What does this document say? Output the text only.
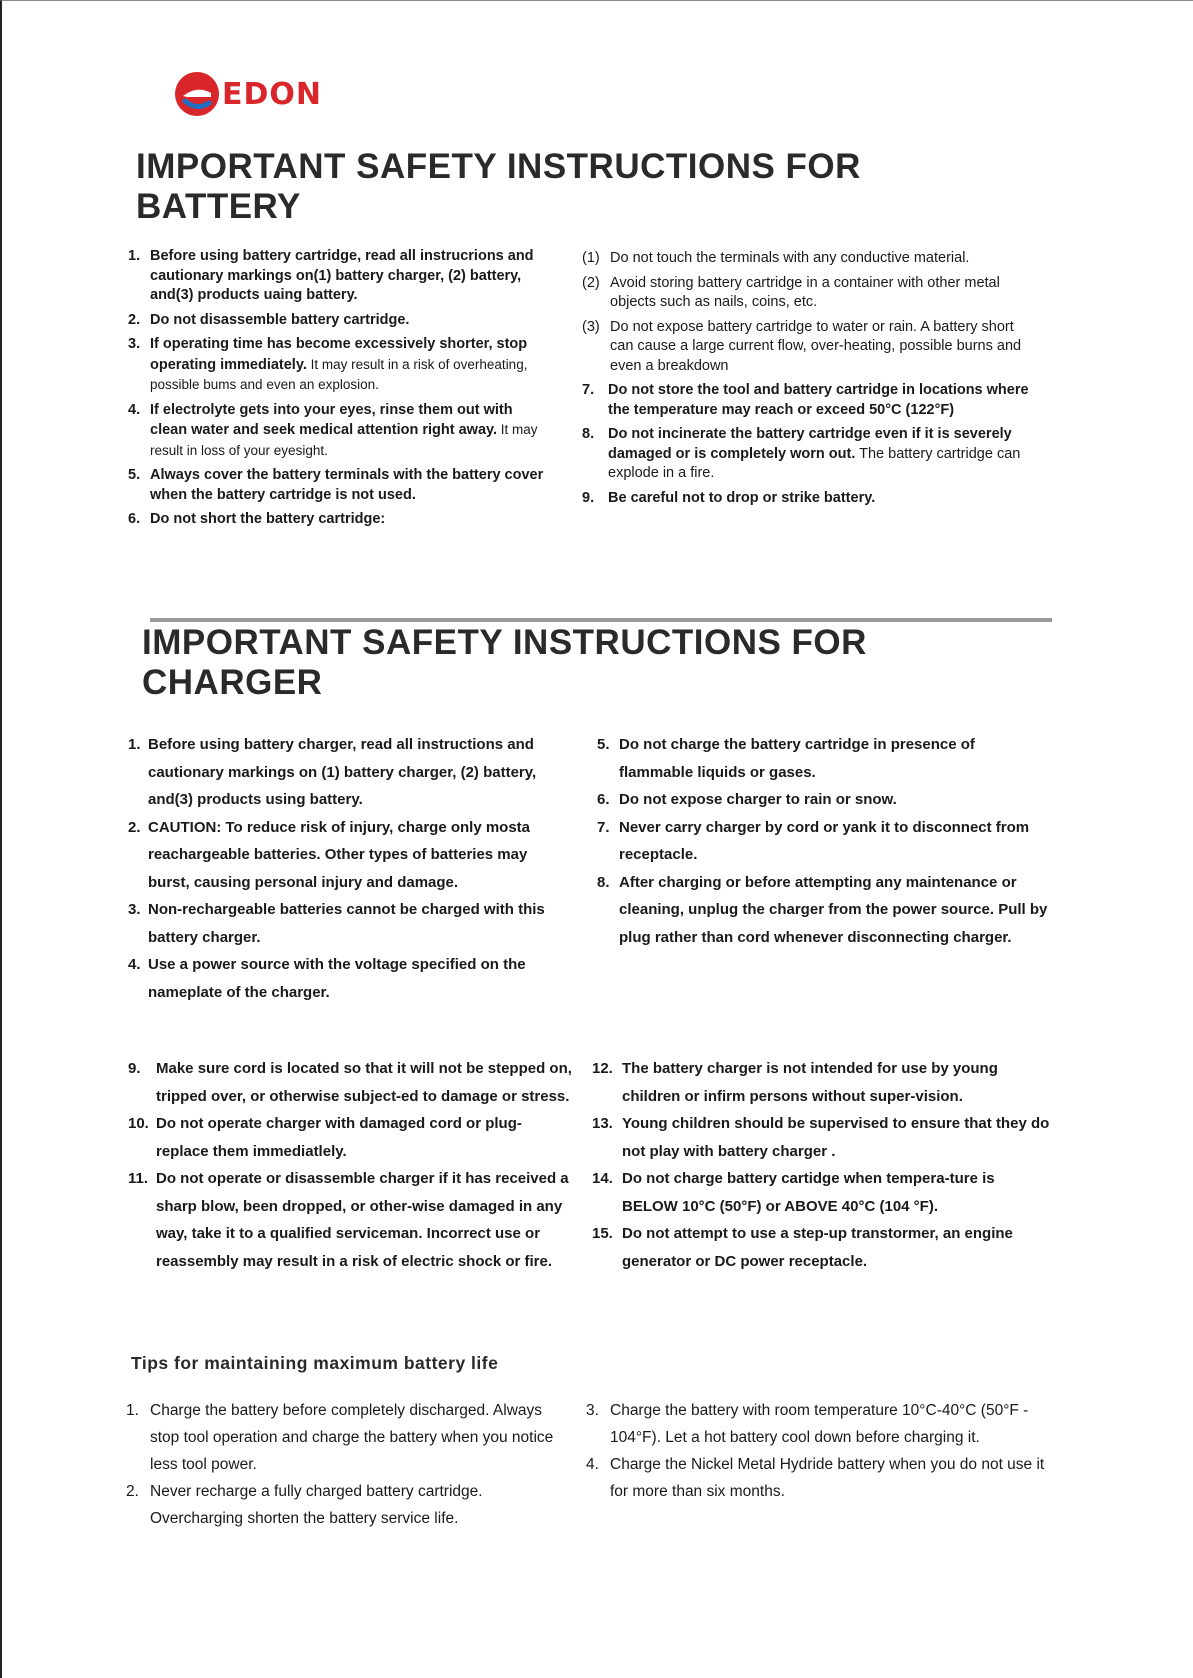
EDON
IMPORTANT SAFETY INSTRUCTIONS FOR
BATTERY
1. Before using battery cartridge, read all instrucrions and cautionary markings on(1) battery charger, (2) battery, and(3) products uaing battery.
2. Do not disassemble battery cartridge.
3. If operating time has become excessively shorter, stop operating immediately. It may result in a risk of overheating, possible bums and even an explosion.
4. If electrolyte gets into your eyes, rinse them out with clean water and seek medical attention right away. It may result in loss of your eyesight.
5. Always cover the battery terminals with the battery cover when the battery cartridge is not used.
6. Do not short the battery cartridge:
(1) Do not touch the terminals with any conductive material.
(2) Avoid storing battery cartridge in a container with other metal objects such as nails, coins, etc.
(3) Do not expose battery cartridge to water or rain. A battery short can cause a large current flow, over-heating, possible burns and even a breakdown
7. Do not store the tool and battery cartridge in locations where the temperature may reach or exceed 50°C (122°F)
8. Do not incinerate the battery cartridge even if it is severely damaged or is completely worn out. The battery cartridge can explode in a fire.
9. Be careful not to drop or strike battery.
IMPORTANT SAFETY INSTRUCTIONS FOR
CHARGER
1. Before using battery charger, read all instructions and cautionary markings on (1) battery charger, (2) battery, and(3) products using battery.
2. CAUTION: To reduce risk of injury, charge only mosta reachargeable batteries. Other types of batteries may burst, causing personal injury and damage.
3. Non-rechargeable batteries cannot be charged with this battery charger.
4. Use a power source with the voltage specified on the nameplate of the charger.
5. Do not charge the battery cartridge in presence of flammable liquids or gases.
6. Do not expose charger to rain or snow.
7. Never carry charger by cord or yank it to disconnect from receptacle.
8. After charging or before attempting any maintenance or cleaning, unplug the charger from the power source. Pull by plug rather than cord whenever disconnecting charger.
9.	Make sure cord is located so that it will not be stepped on, tripped over, or otherwise subject-ed to damage or stress.
10. Do not operate charger with damaged cord or plug-replace them immediatlely.
11. Do not operate or disassemble charger if it has received a sharp blow, been dropped, or other-wise damaged in any way, take it to a qualified serviceman. Incorrect use or reassembly may result in a risk of electric shock or fire.
12. The battery charger is not intended for use by young children or infirm persons without super-vision.
13. Young children should be supervised to ensure that they do not play with battery charger .
14. Do not charge battery cartidge when tempera-ture is BELOW 10°C (50°F) or ABOVE 40°C (104 °F).
15. Do not attempt to use a step-up transtormer, an engine generator or DC power receptacle.
Tips for maintaining maximum battery life
1. Charge the battery before completely discharged. Always stop tool operation and charge the battery when you notice less tool power.
2. Never recharge a fully charged battery cartridge. Overcharging shorten the battery service life.
3. Charge the battery with room temperature 10°C-40°C (50°F - 104°F). Let a hot battery cool down before charging it.
4. Charge the Nickel Metal Hydride battery when you do not use it for more than six months.
